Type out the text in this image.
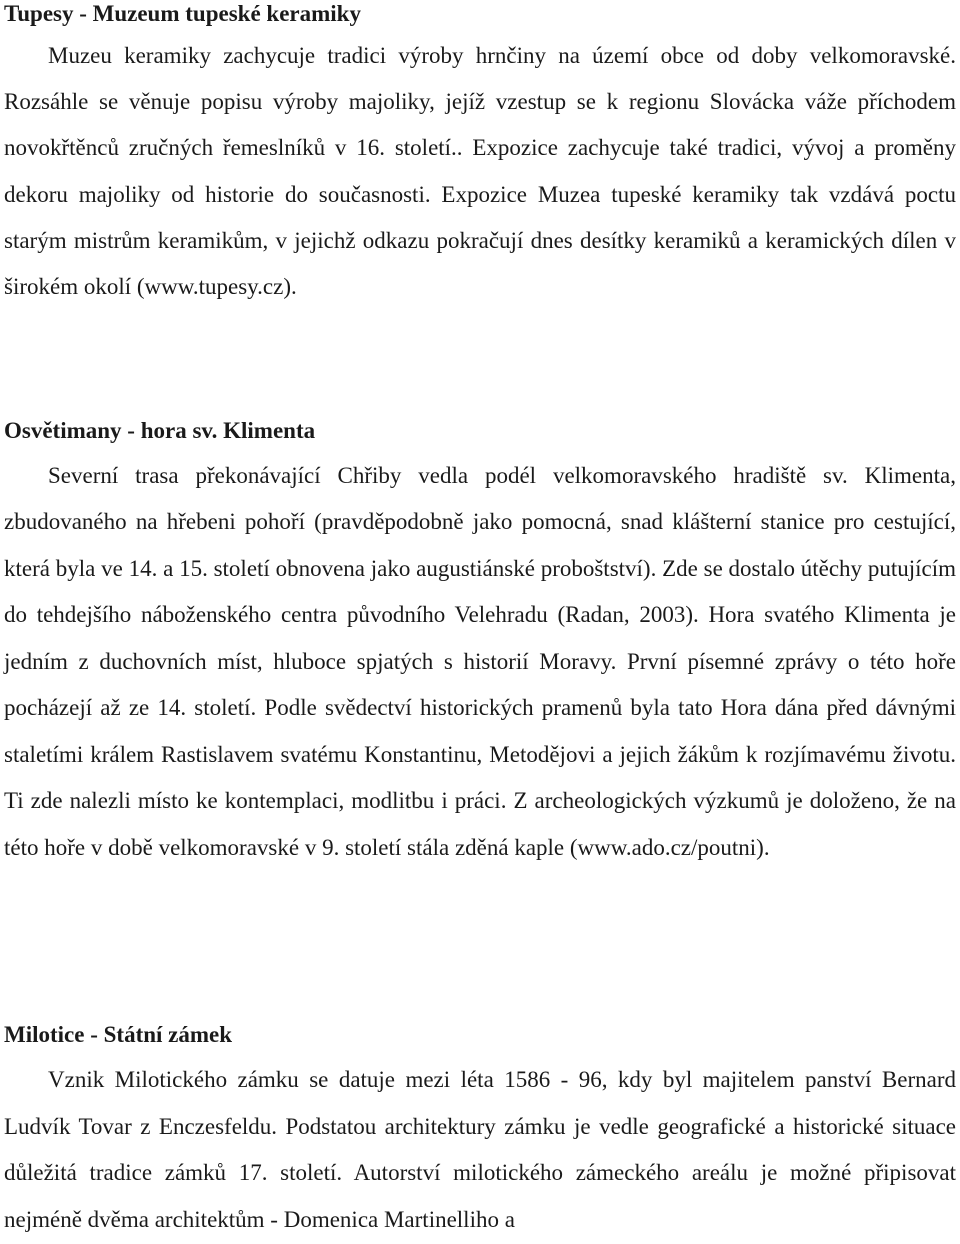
Tupesy - Muzeum tupeské keramiky

Muzeu keramiky zachycuje tradici výroby hrnčiny na území obce od doby velkomoravské. Rozsáhle se věnuje popisu výroby majoliky, jejíž vzestup se k regionu Slovácka váže příchodem novokřtěnců zručných řemeslníků v 16. století.. Expozice zachycuje také tradici, vývoj a proměny dekoru majoliky od historie do současnosti. Expozice Muzea tupeské keramiky tak vzdává poctu starým mistrům keramikům, v jejichž odkazu pokračují dnes desítky keramiků a keramických dílen v širokém okolí (www.tupesy.cz).

Osvětimany - hora sv. Klimenta

Severní trasa překonávající Chřiby vedla podél velkomoravského hradiště sv. Klimenta, zbudovaného na hřebeni pohoří (pravděpodobně jako pomocná, snad klášterní stanice pro cestující, která byla ve 14. a 15. století obnovena jako augustiánské proboštství). Zde se dostalo útěchy putujícím do tehdejšího náboženského centra původního Velehradu (Radan, 2003). Hora svatého Klimenta je jedním z duchovních míst, hluboce spjatých s historií Moravy. První písemné zprávy o této hoře pocházejí až ze 14. století. Podle svědectví historických pramenů byla tato Hora dána před dávnými staletími králem Rastislavem svatému Konstantinu, Metodějovi a jejich žákům k rozjímavému životu. Ti zde nalezli místo ke kontemplaci, modlitbu i práci. Z archeologických výzkumů je doloženo, že na této hoře v době velkomoravské v 9. století stála zděná kaple (www.ado.cz/poutni).

Milotice - Státní zámek

Vznik Milotického zámku se datuje mezi léta 1586 - 96, kdy byl majitelem panství Bernard Ludvík Tovar z Enczesfeldu. Podstatou architektury zámku je vedle geografické a historické situace důležitá tradice zámků 17. století. Autorství milotického zámeckého areálu je možné připisovat nejméně dvěma architektům - Domenica Martinelliho a
